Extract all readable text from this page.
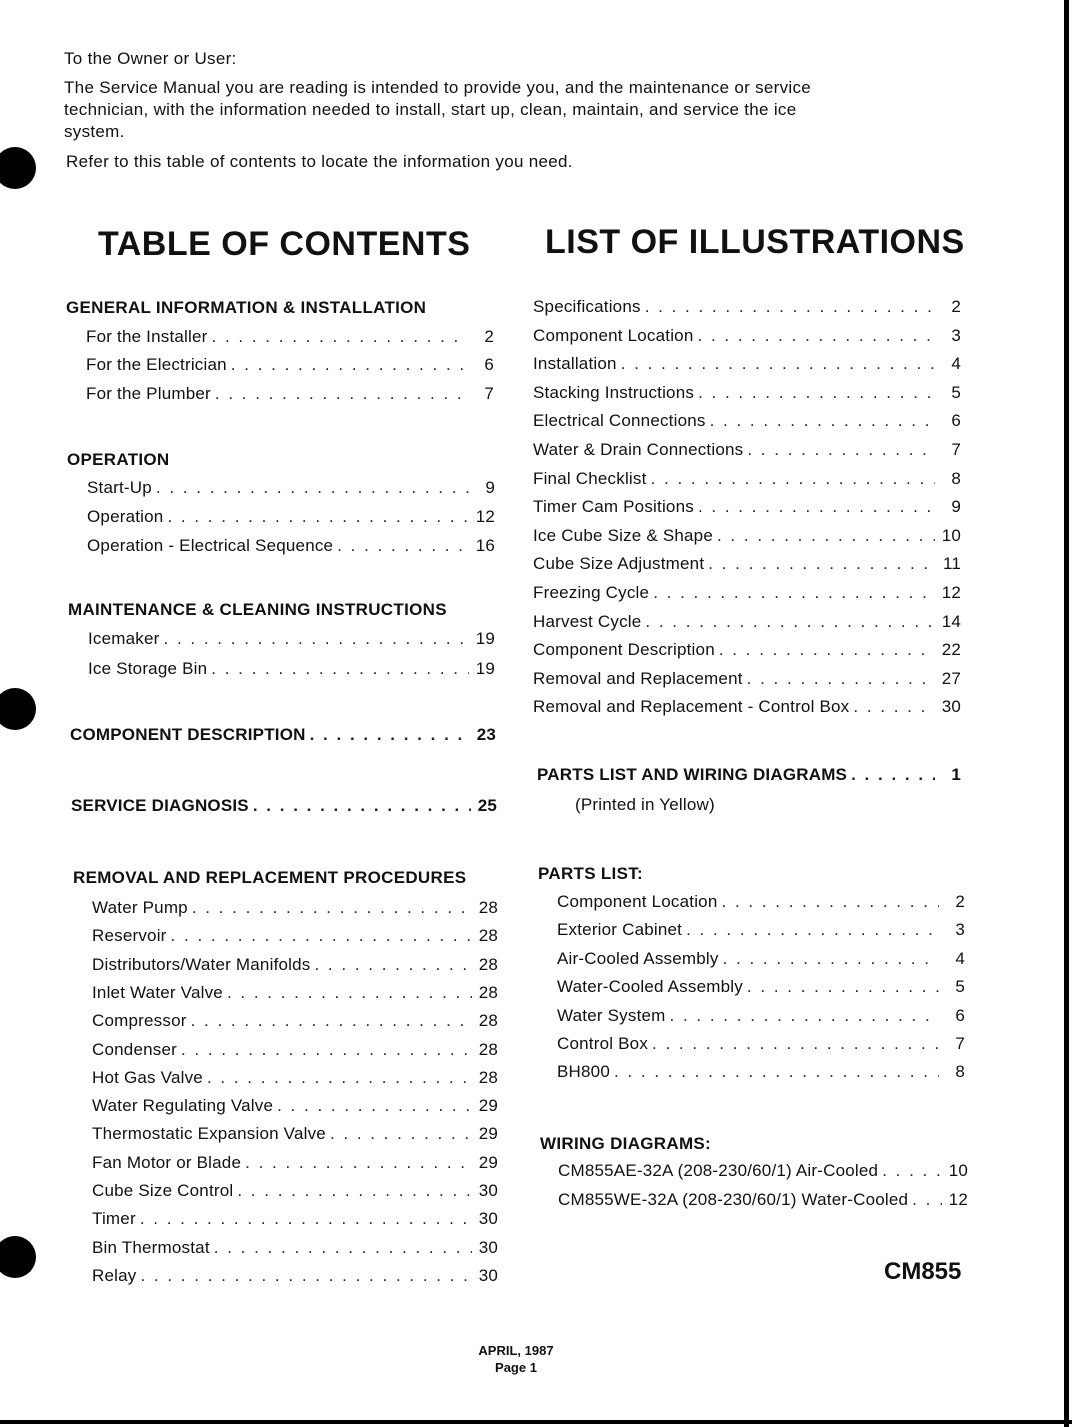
To the Owner or User:
The Service Manual you are reading is intended to provide you, and the maintenance or service
technician, with the information needed to install, start up, clean, maintain, and service the ice
system.
Refer to this table of contents to locate the information you need.
TABLE OF CONTENTS LIST OF ILLUSTRATIONS
GENERAL INFORMATION & INSTALLATION
For the Installer . . .	2
For the Electrician . . .	6
For the Plumber . . .	7
OPERATION
Start-Up . . .	9
Operation . . .	12
Operation - Electrical Sequence . . .	16
MAINTENANCE & CLEANING INSTRUCTIONS
Icemaker . . .	19
Ice Storage Bin . . .	19
COMPONENT DESCRIPTION . . .	23
SERVICE DIAGNOSIS . . .	25
REMOVAL AND REPLACEMENT PROCEDURES
Water Pump . . .	28
Reservoir . . .	28
Distributors/Water Manifolds . . .	28
Inlet Water Valve . . .	28
Compressor . . .	28
Condenser . . .	28
Hot Gas Valve . . .	28
Water Regulating Valve . . .	29
Thermostatic Expansion Valve . . .	29
Fan Motor or Blade . . .	29
Cube Size Control . . .	30
Timer . . .	30
Bin Thermostat . . .	30
Relay . . .	30
Specifications . . .	2
Component Location . . .	3
Installation . . .	4
Stacking Instructions . . .	5
Electrical Connections . . .	6
Water & Drain Connections . . .	7
Final Checklist . . .	8
Timer Cam Positions . . .	9
Ice Cube Size & Shape . . .	10
Cube Size Adjustment . . .	11
Freezing Cycle . . .	12
Harvest Cycle . . .	14
Component Description . . .	22
Removal and Replacement . . .	27
Removal and Replacement - Control Box . . .	30
PARTS LIST AND WIRING DIAGRAMS . . .	1
(Printed in Yellow)
PARTS LIST:
Component Location . . .	2
Exterior Cabinet . . .	3
Air-Cooled Assembly . . .	4
Water-Cooled Assembly . . .	5
Water System . . .	6
Control Box . . .	7
BH800 . . .	8
WIRING DIAGRAMS:
CM855AE-32A (208-230/60/1) Air-Cooled . . .	10
CM855WE-32A (208-230/60/1) Water-Cooled . . . 12
CM855
APRIL, 1987
Page 1
